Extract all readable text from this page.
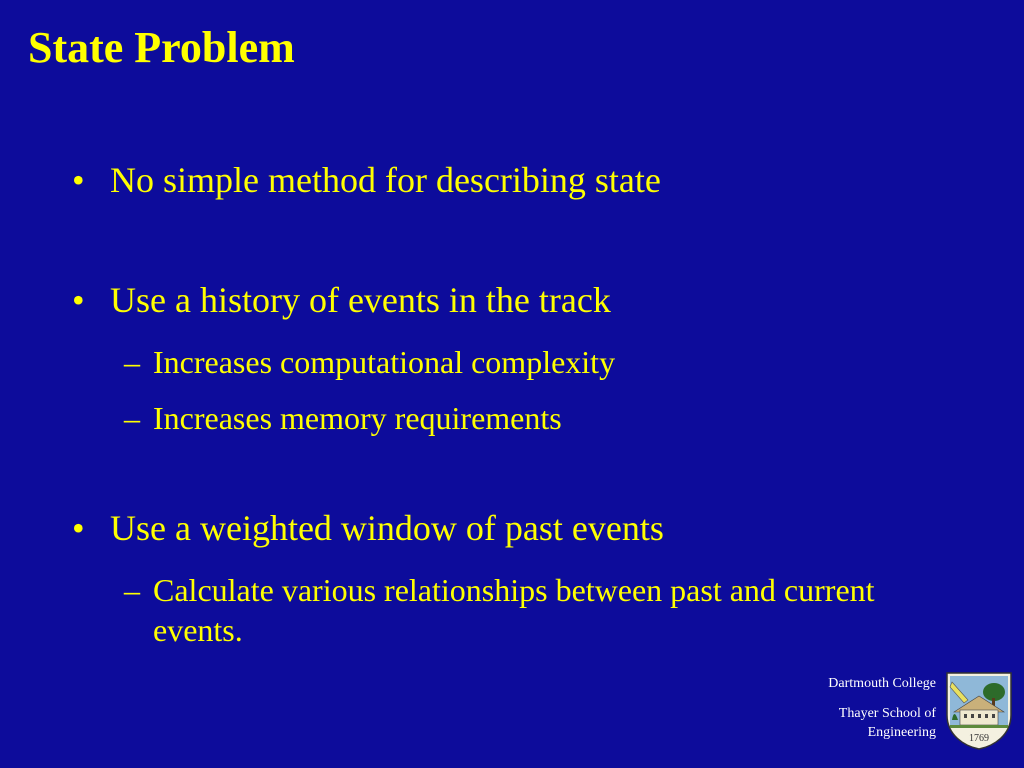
State Problem
• No simple method for describing state
• Use a history of events in the track
– Increases computational complexity
– Increases memory requirements
• Use a weighted window of past events
– Calculate various relationships between past and current events.
Dartmouth College
Thayer School of
Engineering	1769
